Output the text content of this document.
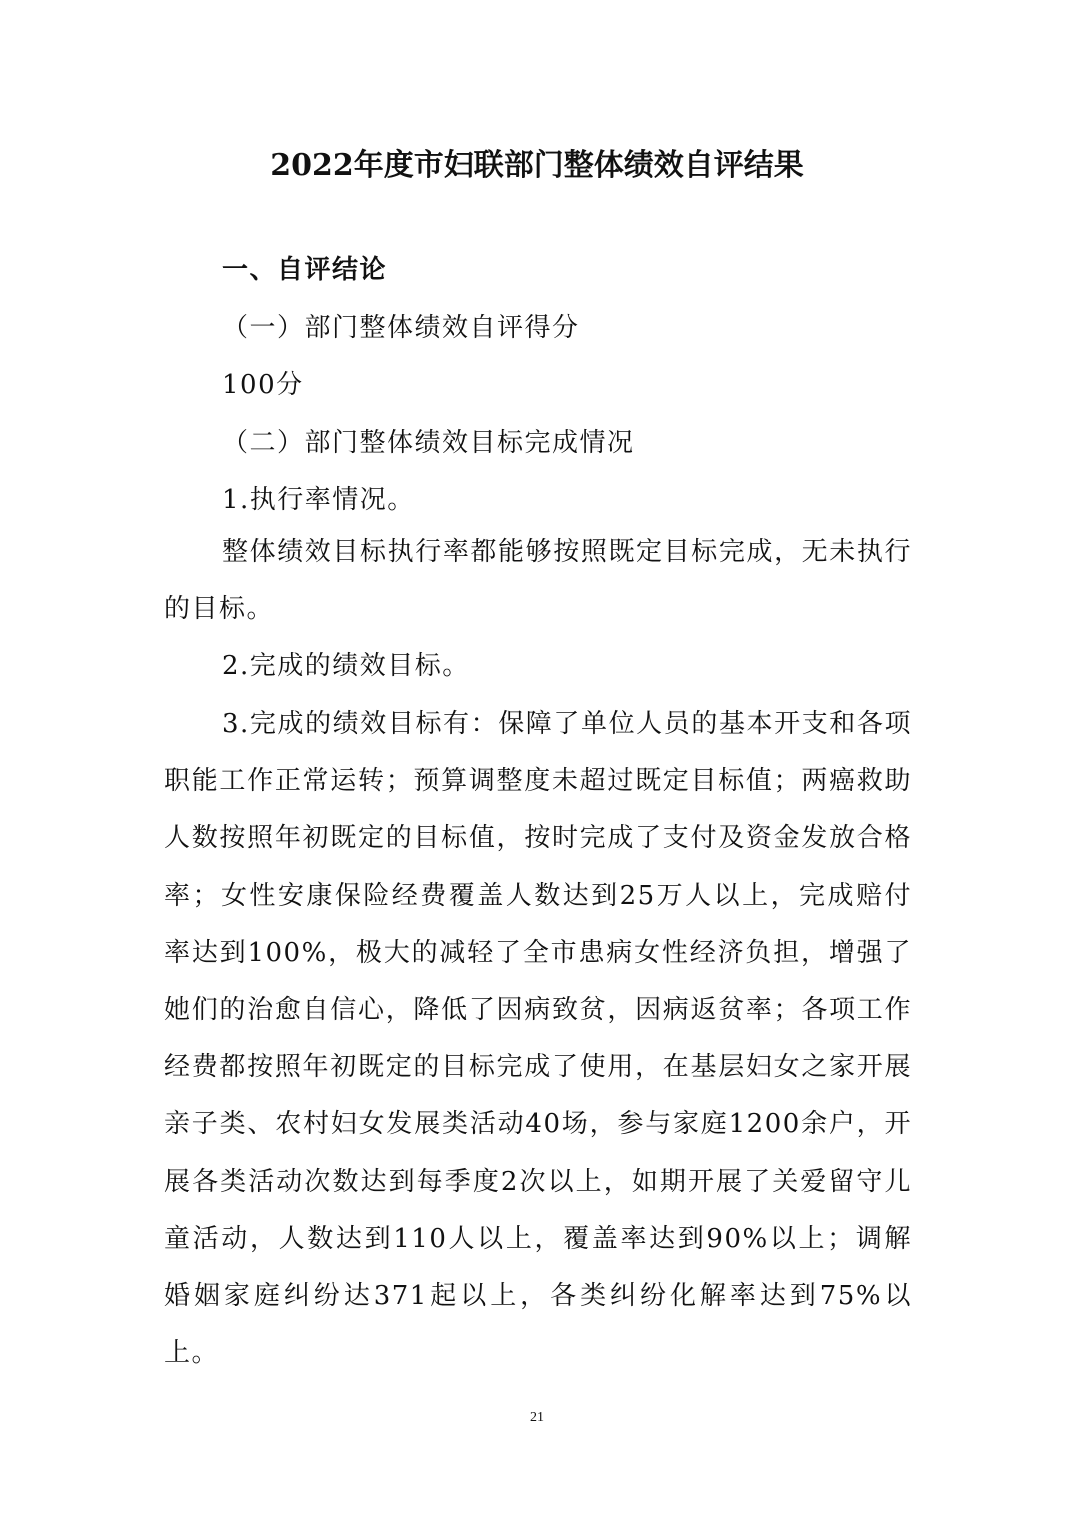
2022年度市妇联部门整体绩效自评结果
一、自评结论
（一）部门整体绩效自评得分
100分
（二）部门整体绩效目标完成情况
1.执行率情况。

整体绩效目标执行率都能够按照既定目标完成，无未执行的目标。

2.完成的绩效目标。

3.完成的绩效目标有：保障了单位人员的基本开支和各项职能工作正常运转；预算调整度未超过既定目标值；两癌救助人数按照年初既定的目标值，按时完成了支付及资金发放合格率；女性安康保险经费覆盖人数达到25万人以上，完成赔付率达到100%，极大的减轻了全市患病女性经济负担，增强了她们的治愈自信心，降低了因病致贫，因病返贫率；各项工作经费都按照年初既定的目标完成了使用，在基层妇女之家开展亲子类、农村妇女发展类活动40场，参与家庭1200余户，开展各类活动次数达到每季度2次以上，如期开展了关爱留守儿童活动，人数达到110人以上，覆盖率达到90%以上；调解婚姻家庭纠纷达371起以上，各类纠纷化解率达到75%以上。

21
